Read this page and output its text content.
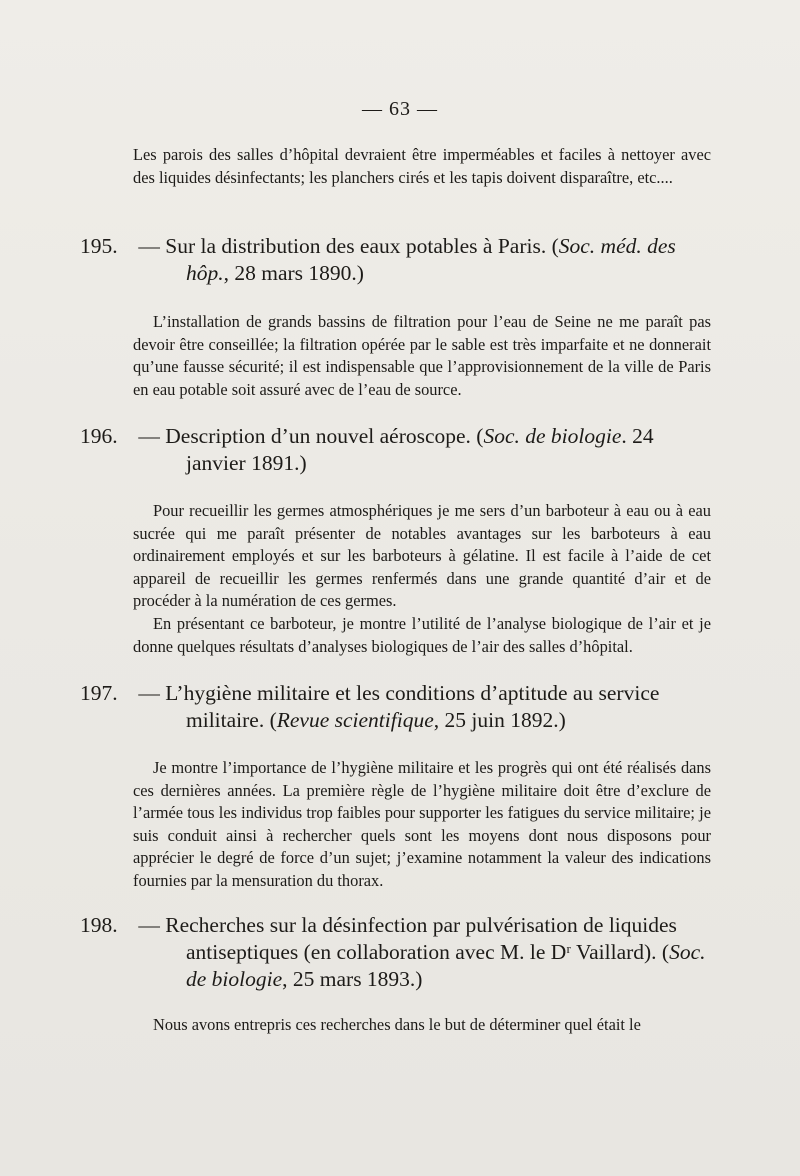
— 63 —

Les parois des salles d’hôpital devraient être imperméables et faciles à nettoyer avec des liquides désinfectants; les planchers cirés et les tapis doivent disparaître, etc....

195. — Sur la distribution des eaux potables à Paris. (Soc. méd. des hôp., 28 mars 1890.)

L’installation de grands bassins de filtration pour l’eau de Seine ne me paraît pas devoir être conseillée; la filtration opérée par le sable est très imparfaite et ne donnerait qu’une fausse sécurité; il est indispensable que l’approvisionnement de la ville de Paris en eau potable soit assuré avec de l’eau de source.

196. — Description d’un nouvel aéroscope. (Soc. de biologie. 24 janvier 1891.)

Pour recueillir les germes atmosphériques je me sers d’un barboteur à eau ou à eau sucrée qui me paraît présenter de notables avantages sur les barboteurs à eau ordinairement employés et sur les barboteurs à gélatine. Il est facile à l’aide de cet appareil de recueillir les germes renfermés dans une grande quantité d’air et de procéder à la numération de ces germes.

En présentant ce barboteur, je montre l’utilité de l’analyse biologique de l’air et je donne quelques résultats d’analyses biologiques de l’air des salles d’hôpital.

197. — L’hygiène militaire et les conditions d’aptitude au service militaire. (Revue scientifique, 25 juin 1892.)

Je montre l’importance de l’hygiène militaire et les progrès qui ont été réalisés dans ces dernières années. La première règle de l’hygiène militaire doit être d’exclure de l’armée tous les individus trop faibles pour supporter les fatigues du service militaire; je suis conduit ainsi à rechercher quels sont les moyens dont nous disposons pour apprécier le degré de force d’un sujet; j’examine notamment la valeur des indications fournies par la mensuration du thorax.

198. — Recherches sur la désinfection par pulvérisation de liquides antiseptiques (en collaboration avec M. le Dʳ Vaillard). (Soc. de biologie, 25 mars 1893.)

Nous avons entrepris ces recherches dans le but de déterminer quel était le
